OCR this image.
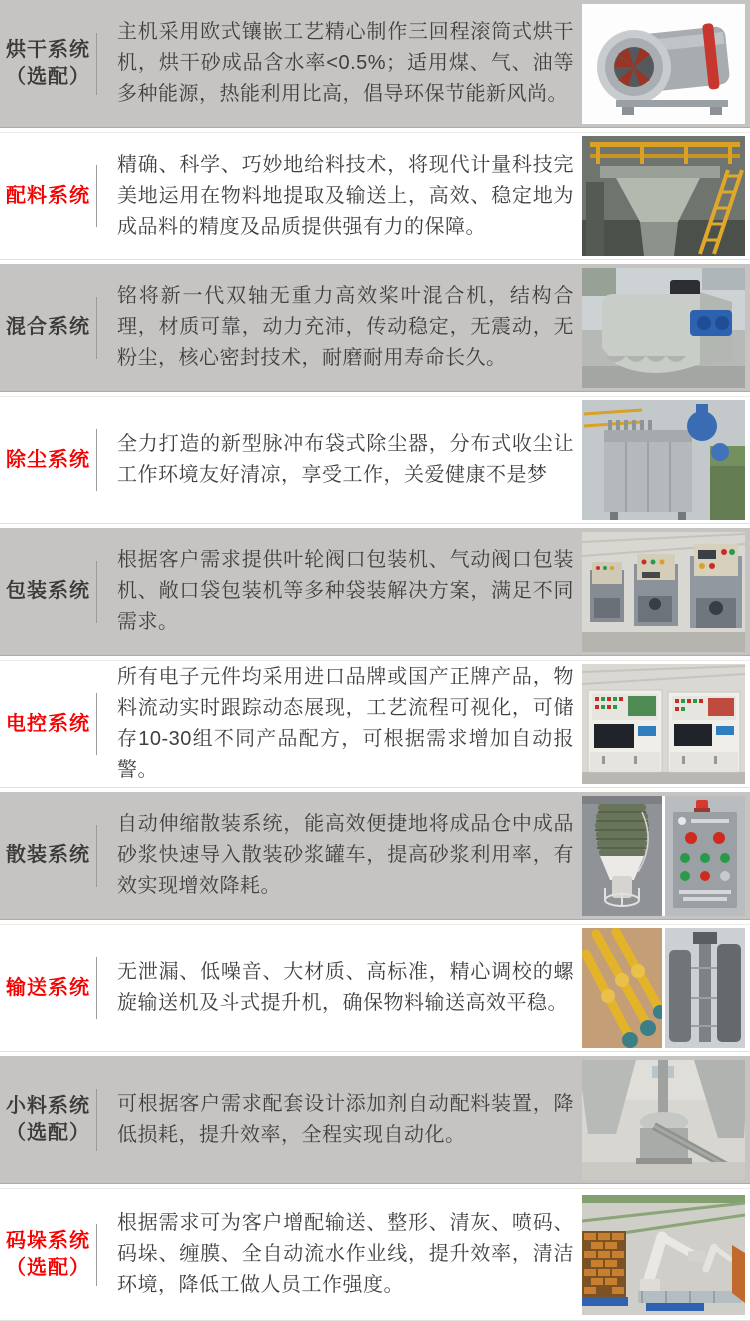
烘干系统
（选配）

主机采用欧式镶嵌工艺精心制作三回程滚筒式烘干机，烘干砂成品含水率<0.5%；适用煤、气、油等多种能源，热能利用比高，倡导环保节能新风尚。

配料系统

精确、科学、巧妙地给料技术，将现代计量科技完美地运用在物料地提取及输送上，高效、稳定地为成品料的精度及品质提供强有力的保障。

混合系统

铭将新一代双轴无重力高效桨叶混合机，结构合理，材质可靠，动力充沛，传动稳定，无震动，无粉尘，核心密封技术，耐磨耐用寿命长久。

除尘系统

全力打造的新型脉冲布袋式除尘器，分布式收尘让工作环境友好清凉，享受工作，关爱健康不是梦

包装系统

根据客户需求提供叶轮阀口包装机、气动阀口包装机、敞口袋包装机等多种袋装解决方案，满足不同需求。

电控系统

所有电子元件均采用进口品牌或国产正牌产品，物料流动实时跟踪动态展现，工艺流程可视化，可储存10-30组不同产品配方，可根据需求增加自动报警。

散装系统

自动伸缩散装系统，能高效便捷地将成品仓中成品砂浆快速导入散装砂浆罐车，提高砂浆利用率，有效实现增效降耗。

输送系统

无泄漏、低噪音、大材质、高标准，精心调校的螺旋输送机及斗式提升机，确保物料输送高效平稳。

小料系统
（选配）

可根据客户需求配套设计添加剂自动配料装置，降低损耗，提升效率，全程实现自动化。

码垛系统
（选配）

根据需求可为客户增配输送、整形、清灰、喷码、码垛、缠膜、全自动流水作业线，提升效率，清洁环境，降低工做人员工作强度。
